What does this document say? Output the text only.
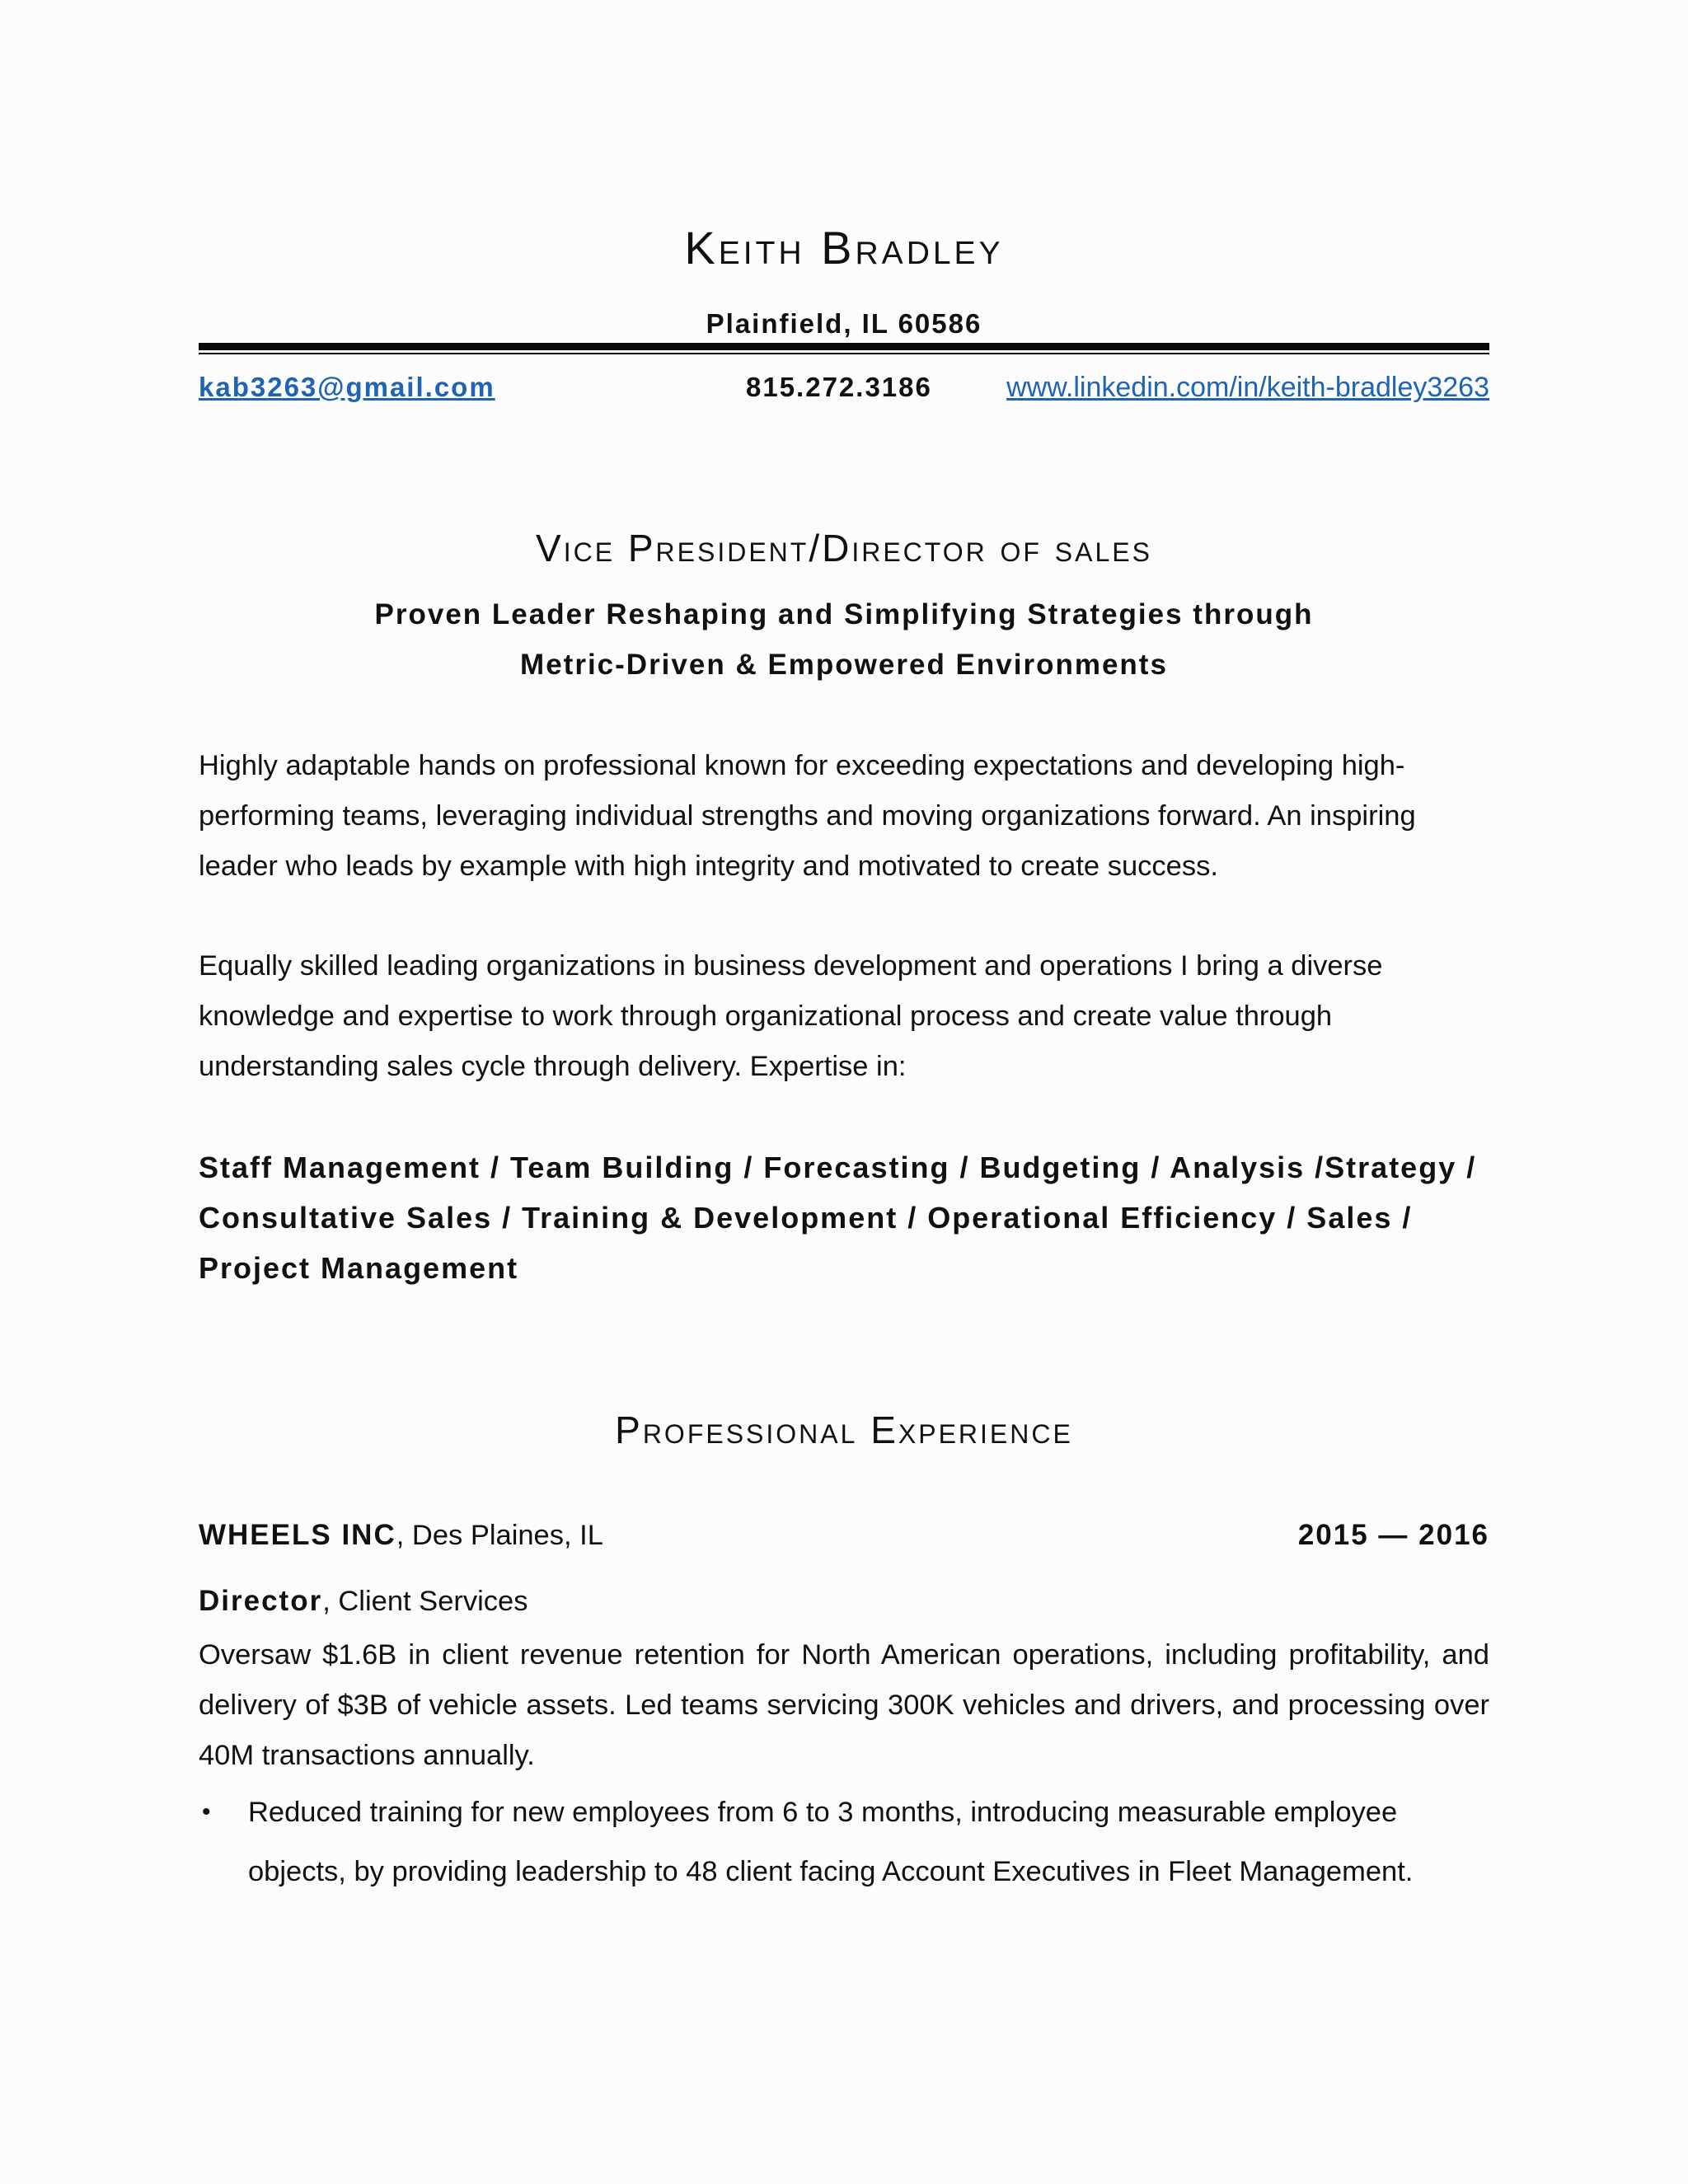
Keith Bradley
Plainfield, IL 60586
kab3263@gmail.com	815.272.3186	www.linkedin.com/in/keith-bradley3263
Vice President/Director of sales
Proven Leader Reshaping and Simplifying Strategies through
Metric-Driven & Empowered Environments
Highly adaptable hands on professional known for exceeding expectations and developing high-performing teams, leveraging individual strengths and moving organizations forward. An inspiring leader who leads by example with high integrity and motivated to create success.
Equally skilled leading organizations in business development and operations I bring a diverse knowledge and expertise to work through organizational process and create value through understanding sales cycle through delivery. Expertise in:
Staff Management / Team Building / Forecasting / Budgeting / Analysis /Strategy / Consultative Sales / Training & Development / Operational Efficiency / Sales / Project Management
Professional Experience
WHEELS INC, Des Plaines, IL	2015 — 2016
Director, Client Services
Oversaw $1.6B in client revenue retention for North American operations, including profitability, and delivery of $3B of vehicle assets. Led teams servicing 300K vehicles and drivers, and processing over 40M transactions annually.
• Reduced training for new employees from 6 to 3 months, introducing measurable employee objects, by providing leadership to 48 client facing Account Executives in Fleet Management.
